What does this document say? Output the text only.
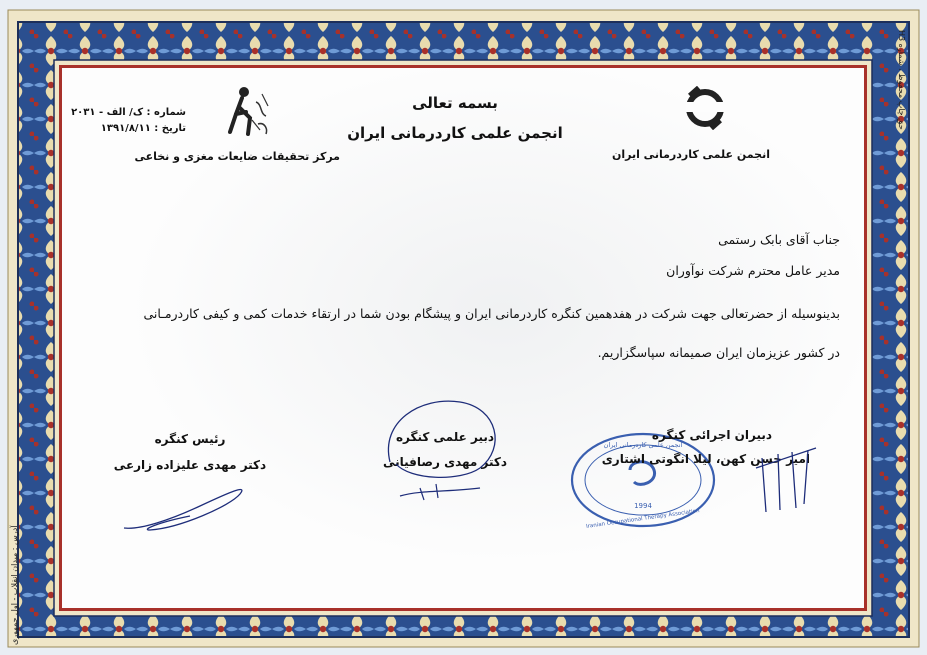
انجمن علمی کاردرمانی ایران
مرکز تحقیقات ضایعات مغزی و نخاعی
بسمه تعالی
انجمن علمی کاردرمانی ایران
شماره : ک/ الف - ۲۰۳۱
تاریخ : ۱۳۹۱/۸/۱۱
جناب آقای بابک رستمی
مدیر عامل محترم شرکت نوآوران
بدینوسیله از حضرتعالی جهت شرکت در هفدهمین کنگره کاردرمانی ایران و پیشگام بودن شما در ارتقاء خدمات کمی و کیفی کاردرمـانی
در کشور عزیزمان ایران صمیمانه سپاسگزاریم.
1994
Iranian Occupational Therapy Association
انجمن علمی کاردرمانی ایران
دبیران اجرائی کنگره
امیر حسن کهن، لیلا انگوتی اشتاری
دبیر علمی کنگره
دکتر مهدی رصافیانی
رئیس کنگره
دکتر مهدی علیزاده زارعی
حق چاپ محفوظ ، شماره H3
آدرس : میدان انقلاب - اول جمهوری
